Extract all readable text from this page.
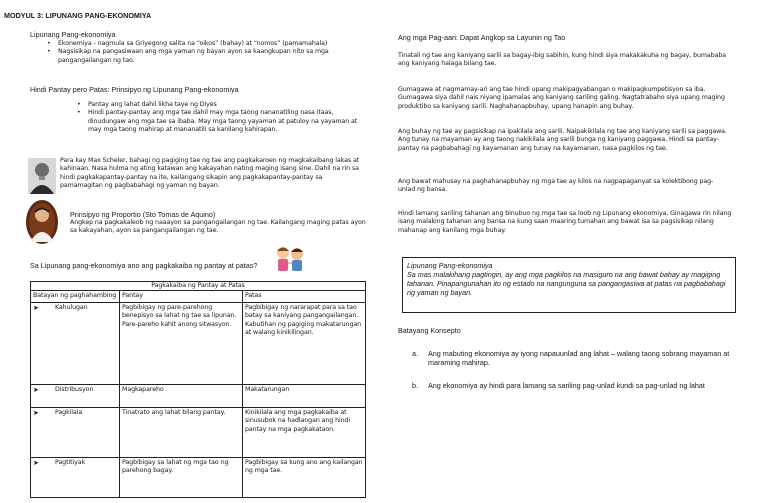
MODYUL 3: LIPUNANG PANG-EKONOMIYA
Lipunang Pang-ekonomiya
• Ekonemiya - nagmula sa Griyegong salita na “oikos” (bahay) at “nomos” (pamamahala)
• Nagsisikap na pangasiwaan ang mga yaman ng bayan ayon sa kaangkupan nito sa mga pangangailangan ng tao.
Hindi Pantay pero Patas: Prinsipyo ng Lipunang Pang-ekonomiya
• Pantay ang lahat dahil likha taye ng Diyes
• Hindi pantay-pantay ang mga tae dahil may mga taong nananatiling nasa itaas, dinudungaw ang mga tae sa ibaba. May mga taong yayaman at patuloy na yayaman at may mga taong mahirap at mananatili sa kanilang kahirapan.
Para kay Max Scheler, bahagi ng pagiging tae ng tae ang pagkakaroen ng magkakaibang lakas at kahinaan. Nasa hulma ng ating katawan ang kakayahan nating maging isang sine. Dahil na rin sa hindi pagkakapantay-pantay na ite, kailangang sikapin ang pagkakapantay-pantay sa pamamagitan ng pagbabahagi ng yaman ng bayan.
Prinsipyo ng Proportio (Sto Tomas de Aquino)
Angkep na pagkakaleob ng naaayon sa pangangailangan ng tae. Kailangang maging patas ayon sa kakayahan, ayon sa pangangailangan ng tae.
Sa Lipunang pang-ekonomiya ano ang pagkakaiba ng pantay at patas?
Pagkakaiba ng Pantay at Patas		
Batayan ng paghahambing	Pantay	Patas

➤ Kahulugan	Pagbibigay ng pare-parehong benepisyo sa lahat ng tae sa lipunan. Pare-pareho kahit anong sitwasyon.	Pagbibigay ng nararapat para sa tao batay sa kaniyang pangangailangan. Kabutihan ng pagiging makatarungan at walang kinikilingan.

➤ Distribusyon	Magkapareho	Makatarungan

➤ Pagkilala	Tinatrato ang lahat bilang pantay.	Kinikilala ang mga pagkakaiba at sinusubok na hadlangan ang hindi pantay na mga pagkakataon.

➤ Pagtitiyak	Pagbibigay sa lahat ng mga tao ng parehong bagay.	Pagbibigay sa kung ano ang kailangan ng mga tae.
Ang mga Pag-aari: Dapat Angkop sa Layunin ng Tao
Tinatali ng tae ang kaniyang sarili sa bagay-ibig sabihin, kung hindi siya makakakuha ng bagay, bumababa ang kaniyang halaga bilang tae.
Gumagawa at nagmamay-ari ang tae hindi upang makipagyabangan o makipagkumpetisyon sa iba. Gumagawa siya dahil nais niyang ipamalas ang kaniyang sariling galing. Nagtatrabaho siya upang maging produktibo sa kaniyang sarili. Naghahanapbuhay, upang hanapin ang buhay.
Ang buhay ng tae ay pagsisikap na ipakilala ang sarili. Naipakikilala ng tae ang kaniyang sarili sa paggawa.
Ang tunay na mayaman ay ang taong nakikilala ang sarili bunga ng kaniyang paggawa. Hindi sa pantay-pantay na pagbabahagi ng kayamanan ang tunay na kayamanan, nasa pagkilos ng tae.
Ang bawat mahusay na paghahanapbuhay ng mga tae ay kilos na nagpapaganyat sa kolektibong pag-unlad ng bansa.
Hindi lamang sariling tahanan ang binubuo ng mga tae sa loob ng Lipunang ekonomiya, Ginagawa rin nilang isang malaking tahanan ang bansa na kung saan maaring tumahan ang bawat isa sa pagsisikap nilang mahanap ang kanilang mga buhay.
Lipunang Pang-ekonomiya
Sa mas malakihang pagtingin, ay ang mga pagkilos na masiguro na ang bawat bahay ay magiging tahanan. Pinapangunahan ito ng estado na nangunguna sa pangangasiwa at patas na pagbabahagi ng yaman ng bayan.
Batayang Konsepto
a. Ang mabuting ekonomiya ay iyong napauunlad ang lahat – walang taong sobrang mayaman at maraming mahirap.
b. Ang ekonomiya ay hindi para lamang sa sariling pag-unlad kundi sa pag-unlad ng lahat
